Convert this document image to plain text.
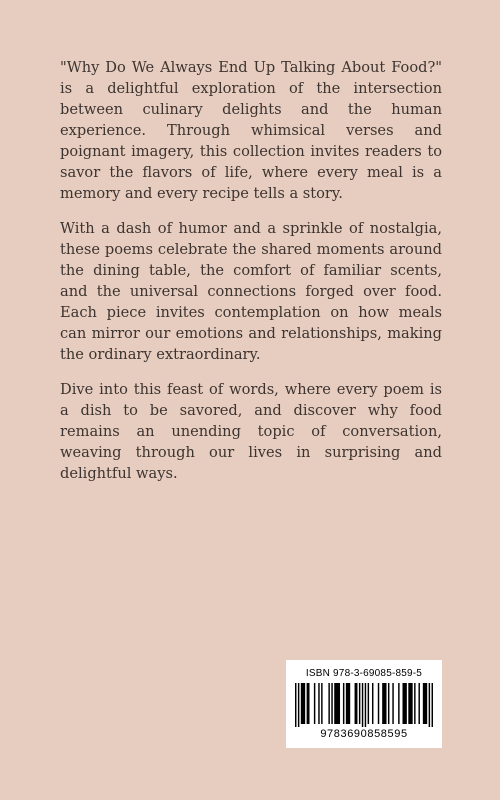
"Why Do We Always End Up Talking About Food?" is a delightful exploration of the intersection between culinary delights and the human experience. Through whimsical verses and poignant imagery, this collection invites readers to savor the flavors of life, where every meal is a memory and every recipe tells a story.

With a dash of humor and a sprinkle of nostalgia, these poems celebrate the shared moments around the dining table, the comfort of familiar scents, and the universal connections forged over food. Each piece invites contemplation on how meals can mirror our emotions and relationships, making the ordinary extraordinary.

Dive into this feast of words, where every poem is a dish to be savored, and discover why food remains an unending topic of conversation, weaving through our lives in surprising and delightful ways.

ISBN 978-3-69085-859-5
9783690858595
